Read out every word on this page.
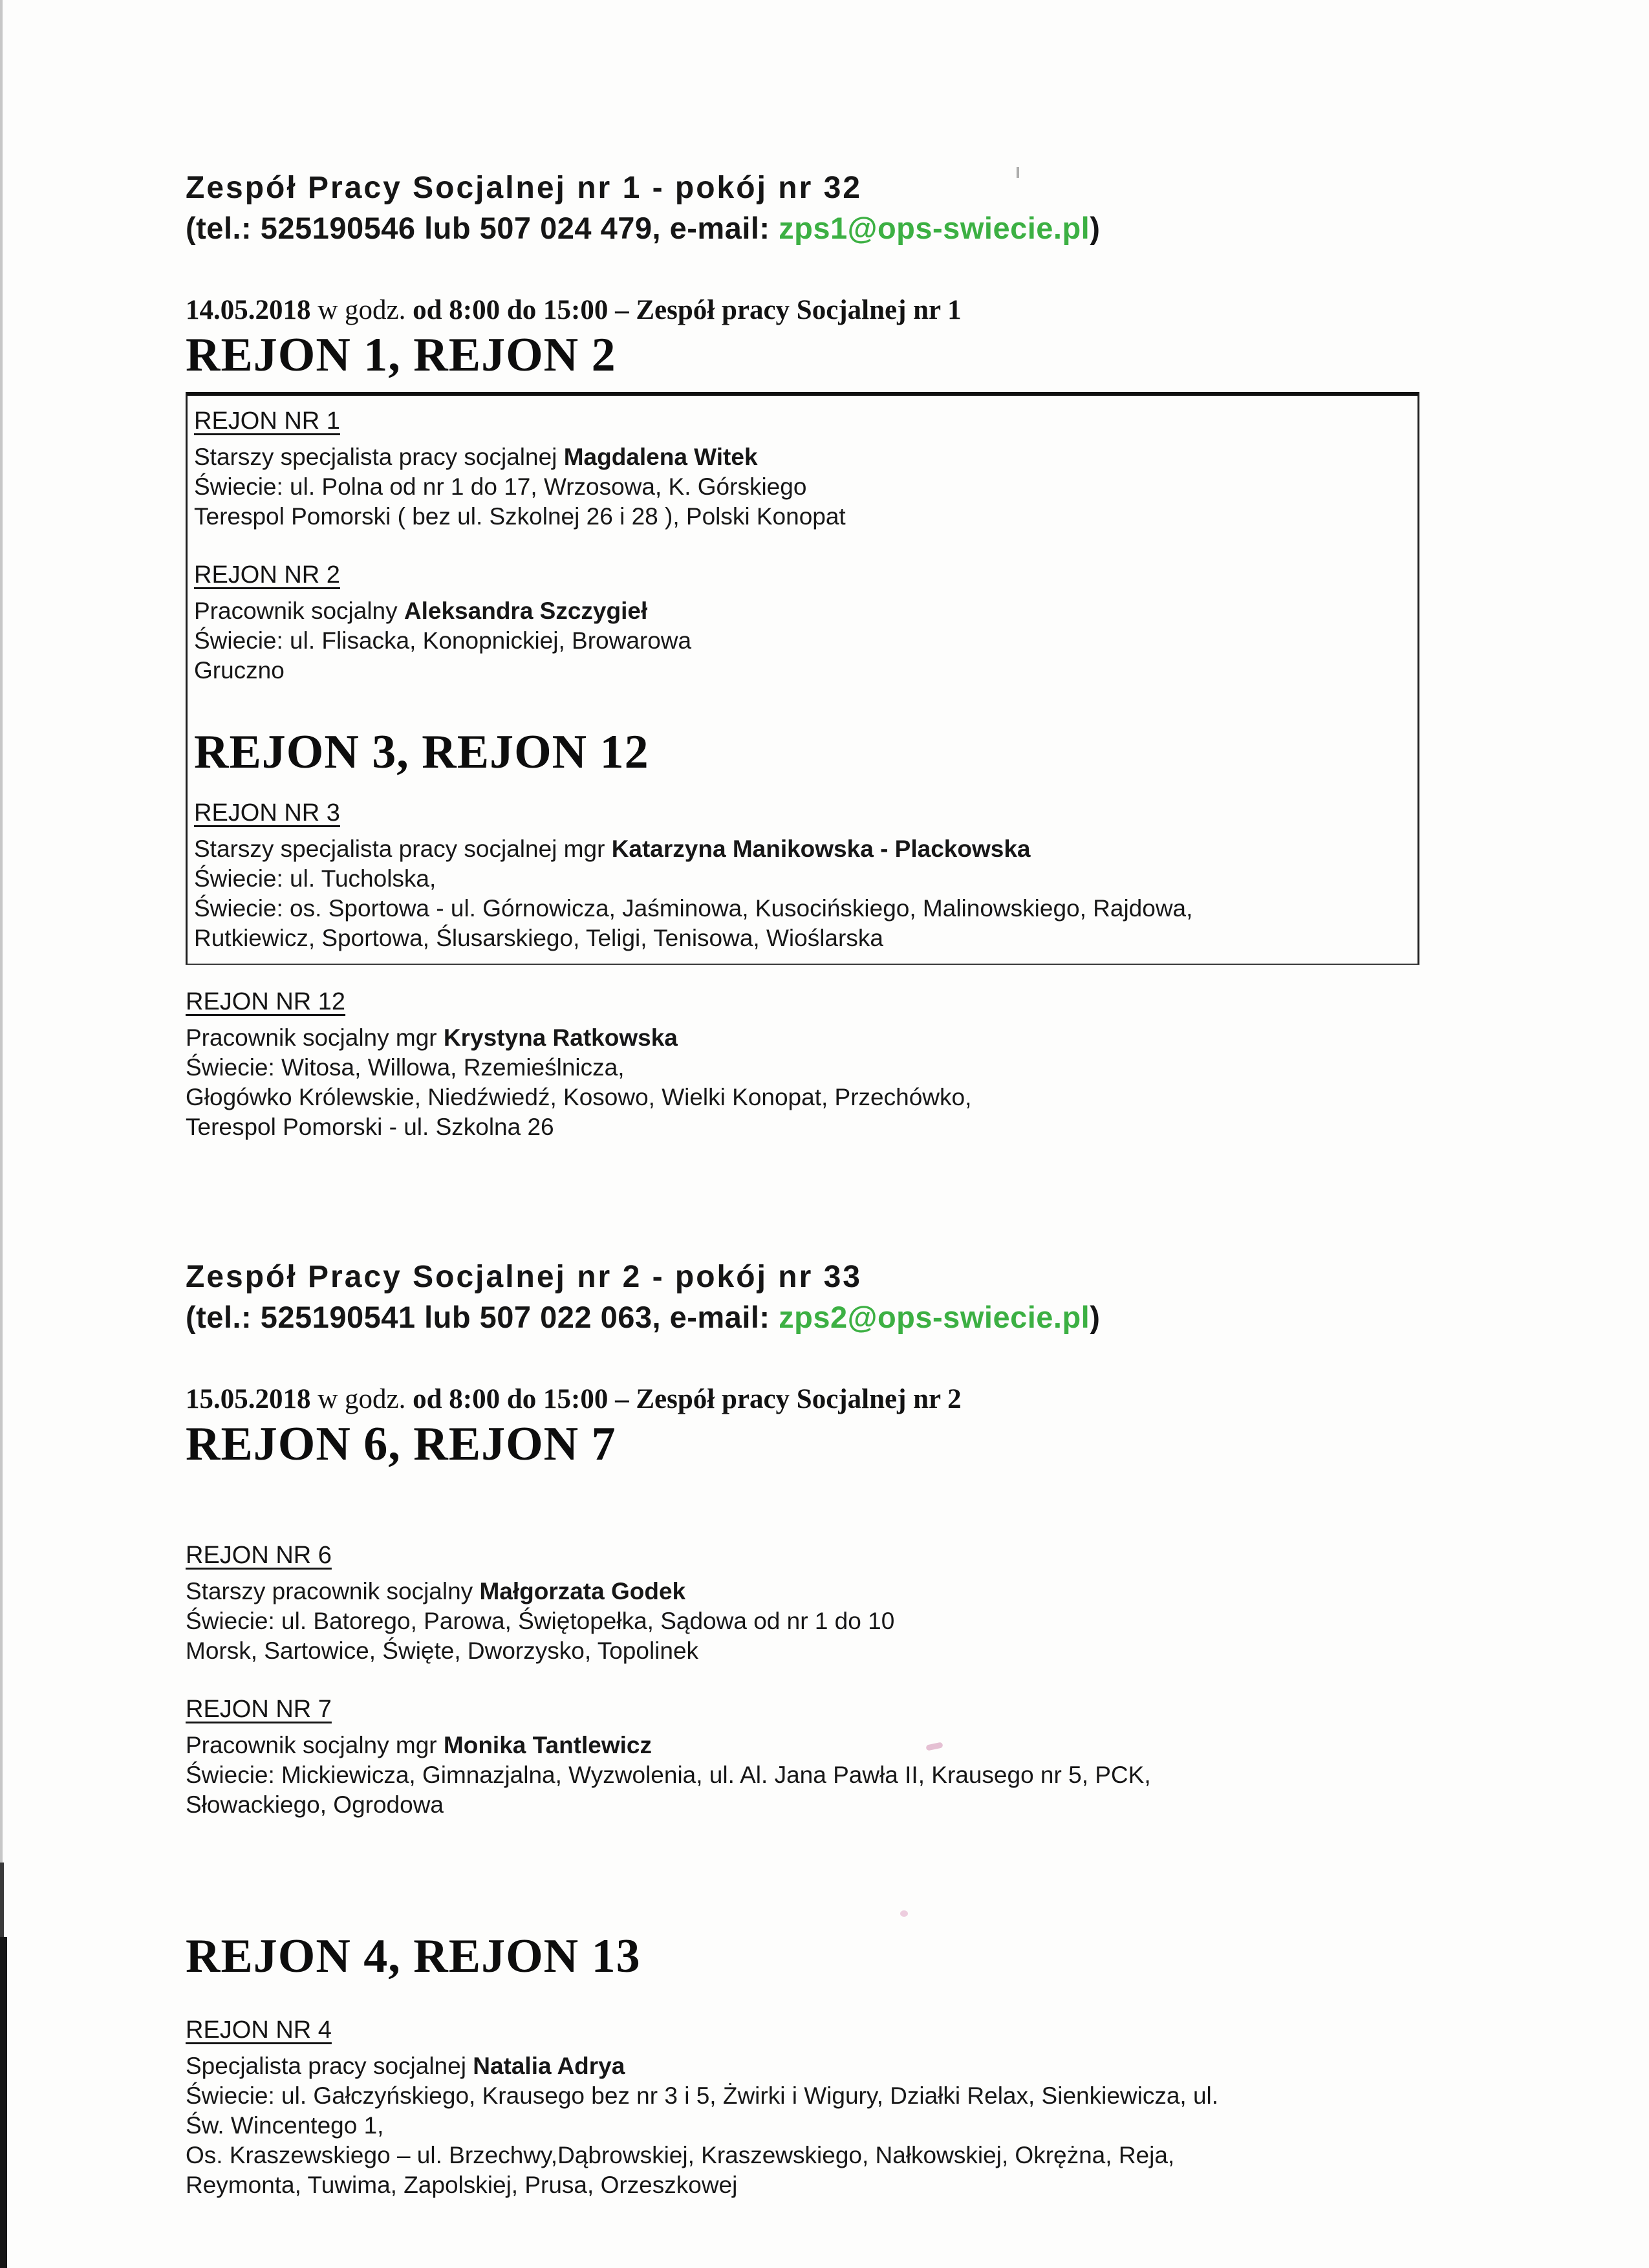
Zespół Pracy Socjalnej nr 1 - pokój nr 32
(tel.: 525190546 lub 507 024 479, e-mail: zps1@ops-swiecie.pl)
14.05.2018 w godz. od 8:00 do 15:00 – Zespół pracy Socjalnej nr 1
REJON 1, REJON 2
REJON NR 1
Starszy specjalista pracy socjalnej Magdalena Witek
Świecie: ul. Polna od nr 1 do 17, Wrzosowa, K. Górskiego
Terespol Pomorski ( bez ul. Szkolnej 26 i 28 ), Polski Konopat
REJON NR 2
Pracownik socjalny Aleksandra Szczygieł
Świecie: ul. Flisacka, Konopnickiej, Browarowa
Gruczno
REJON 3, REJON 12
REJON NR 3
Starszy specjalista pracy socjalnej mgr Katarzyna Manikowska - Plackowska
Świecie: ul. Tucholska,
Świecie: os. Sportowa - ul. Górnowicza, Jaśminowa, Kusocińskiego, Malinowskiego, Rajdowa,
Rutkiewicz, Sportowa, Ślusarskiego, Teligi, Tenisowa, Wioślarska
REJON NR 12
Pracownik socjalny mgr Krystyna Ratkowska
Świecie: Witosa, Willowa, Rzemieślnicza,
Głogówko Królewskie, Niedźwiedź, Kosowo, Wielki Konopat, Przechówko,
Terespol Pomorski - ul. Szkolna 26
Zespół Pracy Socjalnej nr 2 - pokój nr 33
(tel.: 525190541 lub 507 022 063, e-mail: zps2@ops-swiecie.pl)
15.05.2018 w godz. od 8:00 do 15:00 – Zespół pracy Socjalnej nr 2
REJON 6, REJON 7
REJON NR 6
Starszy pracownik socjalny Małgorzata Godek
Świecie: ul. Batorego, Parowa, Świętopełka, Sądowa od nr 1 do 10
Morsk, Sartowice, Święte, Dworzysko, Topolinek
REJON NR 7
Pracownik socjalny mgr Monika Tantlewicz
Świecie: Mickiewicza, Gimnazjalna, Wyzwolenia, ul. Al. Jana Pawła II, Krausego nr 5, PCK,
Słowackiego, Ogrodowa
REJON 4, REJON 13
REJON NR 4
Specjalista pracy socjalnej Natalia Adrya
Świecie: ul. Gałczyńskiego, Krausego bez nr 3 i 5, Żwirki i Wigury, Działki Relax, Sienkiewicza, ul.
Św. Wincentego 1,
Os. Kraszewskiego – ul. Brzechwy,Dąbrowskiej, Kraszewskiego, Nałkowskiej, Okrężna, Reja,
Reymonta, Tuwima, Zapolskiej, Prusa, Orzeszkowej
